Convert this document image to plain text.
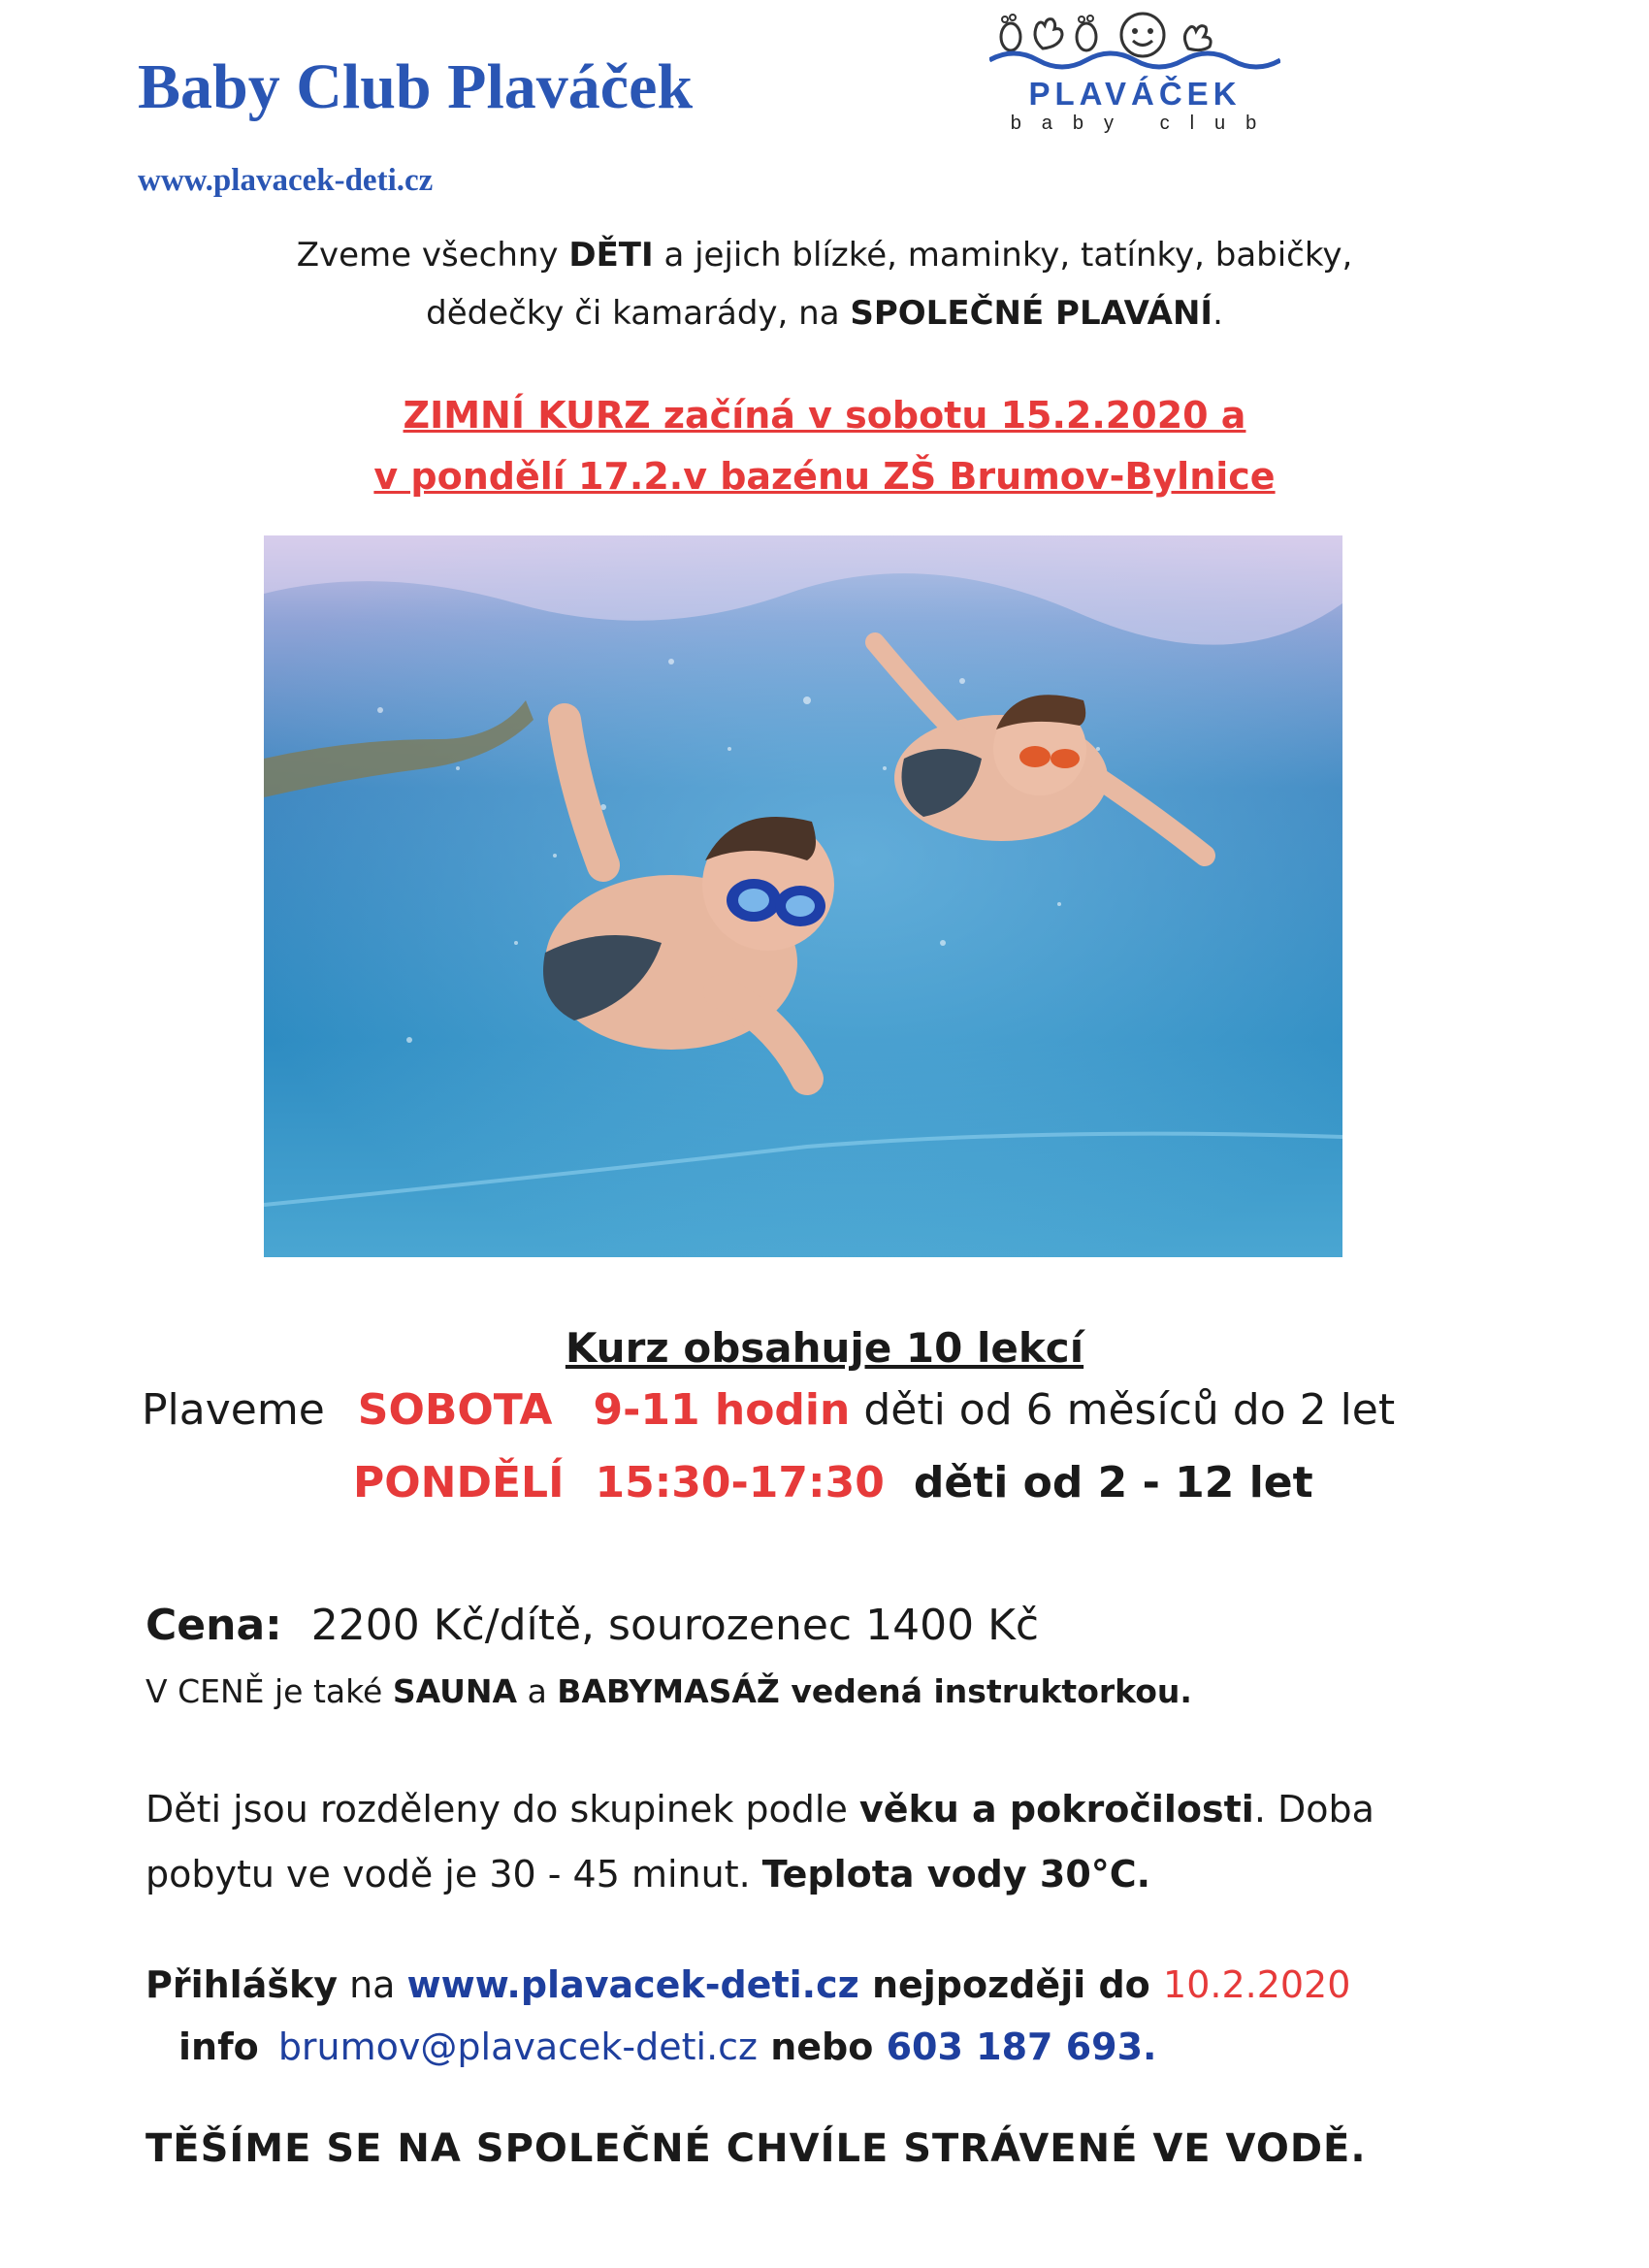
Baby Club Plaváček
www.plavacek-deti.cz
PLAVÁČEK
baby club
Zveme všechny DĚTI a jejich blízké, maminky, tatínky, babičky,
dědečky či kamarády, na SPOLEČNÉ PLAVÁNÍ.
ZIMNÍ KURZ začíná v sobotu 15.2.2020 a
v pondělí 17.2.v bazénu ZŠ Brumov-Bylnice
Kurz obsahuje 10 lekcí
Plaveme SOBOTA 9-11 hodin děti od 6 měsíců do 2 let
PONDĚLÍ 15:30-17:30 děti od 2 - 12 let
Cena: 2200 Kč/dítě, sourozenec 1400 Kč
V CENĚ je také SAUNA a BABYMASÁŽ vedená instruktorkou.
Děti jsou rozděleny do skupinek podle věku a pokročilosti. Doba
pobytu ve vodě je 30 - 45 minut. Teplota vody 30°C.
Přihlášky na www.plavacek-deti.cz nejpozději do 10.2.2020
info brumov@plavacek-deti.cz nebo 603 187 693.
TĚŠÍME SE NA SPOLEČNÉ CHVÍLE STRÁVENÉ VE VODĚ.
